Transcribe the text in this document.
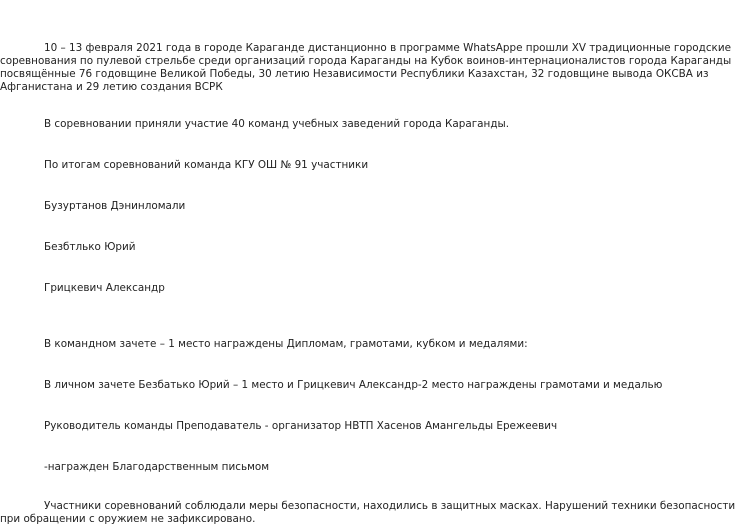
10 – 13 февраля 2021 года в городе Караганде дистанционно в программе WhatsAppe прошли XV традиционные городские

соревнования по пулевой стрельбе среди организаций города Караганды на Кубок воинов-интернационалистов города Караганды

посвящённые 76 годовщине Великой Победы, 30 летию Независимости Республики Казахстан, 32 годовщине вывода ОКСВА из

Афганистана и 29 летию создания ВСРК

В соревновании приняли участие 40 команд учебных заведений города Караганды.

По итогам соревнований команда КГУ ОШ № 91 участники

Бузуртанов Дэнинломали

Безбтлько Юрий

Грицкевич Александр

В командном зачете – 1 место награждены Дипломам, грамотами, кубком и медалями:

В личном зачете Безбатько Юрий – 1 место и Грицкевич Александр-2 место награждены грамотами и медалью

Руководитель команды Преподаватель - организатор НВТП Хасенов Амангельды Ережеевич

-награжден Благодарственным письмом

Участники соревнований соблюдали меры безопасности, находились в защитных масках. Нарушений техники безопасности

при обращении с оружием не зафиксировано.
